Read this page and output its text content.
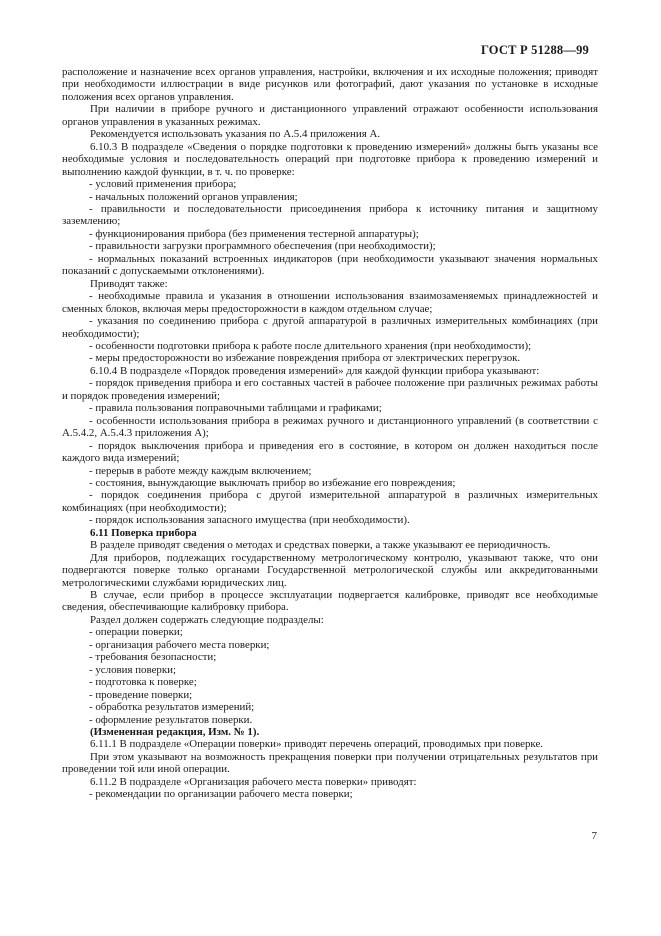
ГОСТ Р 51288—99

расположение и назначение всех органов управления, настройки, включения и их исходные положения; приводят при необходимости иллюстрации в виде рисунков или фотографий, дают указания по установке в исходные положения всех органов управления.

При наличии в приборе ручного и дистанционного управлений отражают особенности использования органов управления в указанных режимах.

Рекомендуется использовать указания по А.5.4 приложения А.

6.10.3 В подразделе «Сведения о порядке подготовки к проведению измерений» должны быть указаны все необходимые условия и последовательность операций при подготовке прибора к проведению измерений и выполнению каждой функции, в т. ч. по проверке:

- условий применения прибора;

- начальных положений органов управления;

- правильности и последовательности присоединения прибора к источнику питания и защитному заземлению;

- функционирования прибора (без применения тестерной аппаратуры);

- правильности загрузки программного обеспечения (при необходимости);

- нормальных показаний встроенных индикаторов (при необходимости указывают значения нормальных показаний с допускаемыми отклонениями).

Приводят также:

- необходимые правила и указания в отношении использования взаимозаменяемых принадлежностей и сменных блоков, включая меры предосторожности в каждом отдельном случае;

- указания по соединению прибора с другой аппаратурой в различных измерительных комбинациях (при необходимости);

- особенности подготовки прибора к работе после длительного хранения (при необходимости);

- меры предосторожности во избежание повреждения прибора от электрических перегрузок.

6.10.4 В подразделе «Порядок проведения измерений» для каждой функции прибора указывают:

- порядок приведения прибора и его составных частей в рабочее положение при различных режимах работы и порядок проведения измерений;

- правила пользования поправочными таблицами и графиками;

- особенности использования прибора в режимах ручного и дистанционного управлений (в соответствии с А.5.4.2, А.5.4.3 приложения А);

- порядок выключения прибора и приведения его в состояние, в котором он должен находиться после каждого вида измерений;

- перерыв в работе между каждым включением;

- состояния, вынуждающие выключать прибор во избежание его повреждения;

- порядок соединения прибора с другой измерительной аппаратурой в различных измерительных комбинациях (при необходимости);

- порядок использования запасного имущества (при необходимости).

6.11 Поверка прибора

В разделе приводят сведения о методах и средствах поверки, а также указывают ее периодичность.

Для приборов, подлежащих государственному метрологическому контролю, указывают также, что они подвергаются поверке только органами Государственной метрологической службы или аккредитованными метрологическими службами юридических лиц.

В случае, если прибор в процессе эксплуатации подвергается калибровке, приводят все необходимые сведения, обеспечивающие калибровку прибора.

Раздел должен содержать следующие подразделы:

- операции поверки;

- организация рабочего места поверки;

- требования безопасности;

- условия поверки;

- подготовка к поверке;

- проведение поверки;

- обработка результатов измерений;

- оформление результатов поверки.

(Измененная редакция, Изм. № 1).

6.11.1 В подразделе «Операции поверки» приводят перечень операций, проводимых при поверке.

При этом указывают на возможность прекращения поверки при получении отрицательных результатов при проведении той или иной операции.

6.11.2 В подразделе «Организация рабочего места поверки» приводят:

- рекомендации по организации рабочего места поверки;

7
